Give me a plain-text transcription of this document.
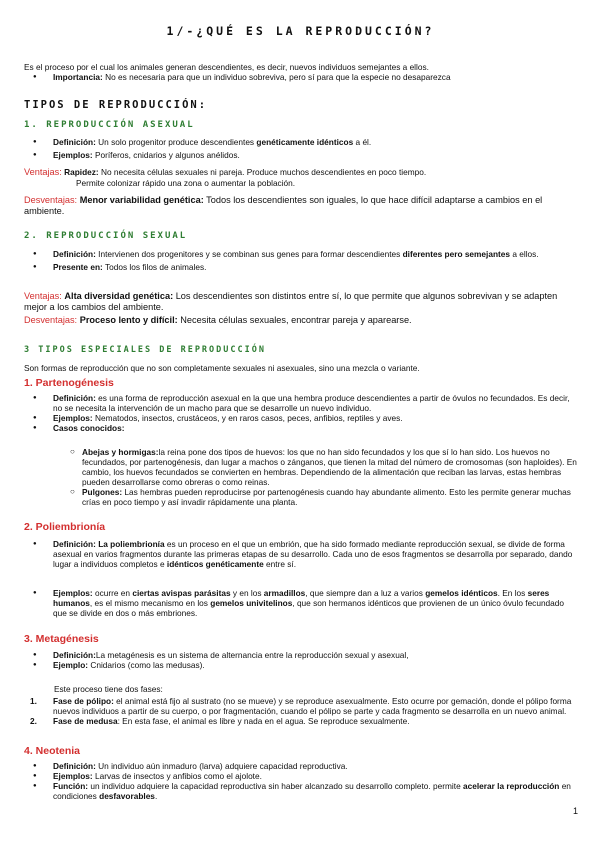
1/-¿QUÉ ES LA REPRODUCCIÓN?
Es el proceso por el cual los animales generan descendientes, es decir, nuevos individuos semejantes a ellos.
● Importancia: No es necesaria para que un individuo sobreviva, pero sí para que la especie no desaparezca
TIPOS DE REPRODUCCIÓN:
1. REPRODUCCIÓN ASEXUAL
● Definición: Un solo progenitor produce descendientes genéticamente idénticos a él.
● Ejemplos: Poríferos, cnidarios y algunos anélidos.
Ventajas: Rapidez: No necesita células sexuales ni pareja. Produce muchos descendientes en poco tiempo.
Permite colonizar rápido una zona o aumentar la población.
Desventajas: Menor variabilidad genética: Todos los descendientes son iguales, lo que hace difícil adaptarse a cambios en el ambiente.
2. REPRODUCCIÓN SEXUAL
● Definición: Intervienen dos progenitores y se combinan sus genes para formar descendientes diferentes pero semejantes a ellos.
● Presente en: Todos los filos de animales.
Ventajas: Alta diversidad genética: Los descendientes son distintos entre sí, lo que permite que algunos sobrevivan y se adapten mejor a los cambios del ambiente.
Desventajas: Proceso lento y difícil: Necesita células sexuales, encontrar pareja y aparearse.
3 TIPOS ESPECIALES DE REPRODUCCIÓN
Son formas de reproducción que no son completamente sexuales ni asexuales, sino una mezcla o variante.
1. Partenogénesis
● Definición: es una forma de reproducción asexual en la que una hembra produce descendientes a partir de óvulos no fecundados. Es decir, no se necesita la intervención de un macho para que se desarrolle un nuevo individuo.
● Ejemplos: Nematodos, insectos, crustáceos, y en raros casos, peces, anfibios, reptiles y aves.
● Casos conocidos:
○ Abejas y hormigas:la reina pone dos tipos de huevos: los que no han sido fecundados y los que sí lo han sido. Los huevos no fecundados, por partenogénesis, dan lugar a machos o zánganos, que tienen la mitad del número de cromosomas (son haploides). En cambio, los huevos fecundados se convierten en hembras. Dependiendo de la alimentación que reciban las larvas, estas hembras pueden desarrollarse como obreras o como reinas.
○ Pulgones: Las hembras pueden reproducirse por partenogénesis cuando hay abundante alimento. Esto les permite generar muchas crías en poco tiempo y así invadir rápidamente una planta.
2. Poliembrionía
● Definición: La poliembrionía es un proceso en el que un embrión, que ha sido formado mediante reproducción sexual, se divide de forma asexual en varios fragmentos durante las primeras etapas de su desarrollo. Cada uno de esos fragmentos se desarrolla por separado, dando lugar a individuos completos e idénticos genéticamente entre sí.
● Ejemplos: ocurre en ciertas avispas parásitas y en los armadillos, que siempre dan a luz a varios gemelos idénticos. En los seres humanos, es el mismo mecanismo en los gemelos univitelinos, que son hermanos idénticos que provienen de un único óvulo fecundado que se divide en dos o más embriones.
3. Metagénesis
● Definición:La metagénesis es un sistema de alternancia entre la reproducción sexual y asexual,
● Ejemplo: Cnidarios (como las medusas).
Este proceso tiene dos fases:
1. Fase de pólipo: el animal está fijo al sustrato (no se mueve) y se reproduce asexualmente. Esto ocurre por gemación, donde el pólipo forma nuevos individuos a partir de su cuerpo, o por fragmentación, cuando el pólipo se parte y cada fragmento se desarrolla en un nuevo animal.
2. Fase de medusa: En esta fase, el animal es libre y nada en el agua. Se reproduce sexualmente.
4. Neotenia
● Definición: Un individuo aún inmaduro (larva) adquiere capacidad reproductiva.
● Ejemplos: Larvas de insectos y anfibios como el ajolote.
● Función: un individuo adquiere la capacidad reproductiva sin haber alcanzado su desarrollo completo. permite acelerar la reproducción en condiciones desfavorables.
1
